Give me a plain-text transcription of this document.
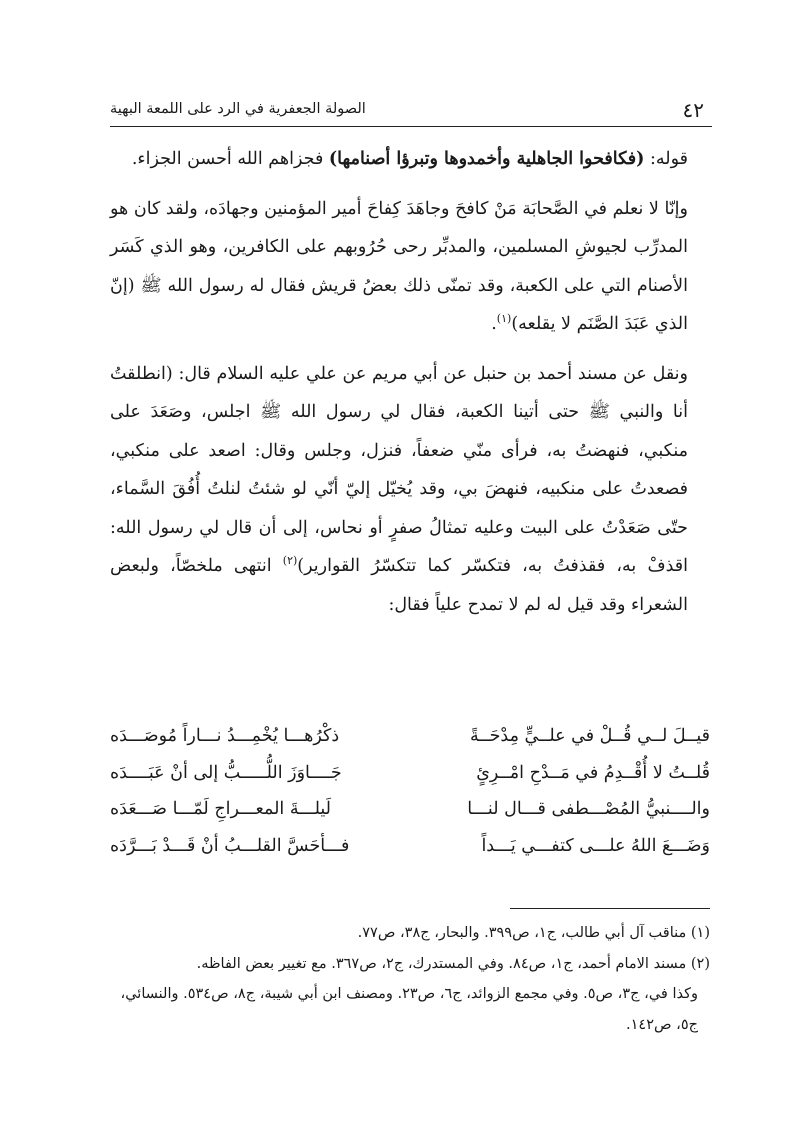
٤٢
الصولة الجعفرية في الرد على اللمعة البهية

قوله: (فكافحوا الجاهلية وأخمدوها وتبرؤا أصنامها) فجزاهم الله أحسن الجزاء.

وإنّا لا نعلم في الصَّحابَة مَنْ كافحَ وجاهَدَ كِفاحَ أمير المؤمنين وجهادَه، ولقد كان هو المدرِّب لجيوشِ المسلمين، والمدبِّر رحى حُرُوبهم على الكافرين، وهو الذي كَسَر الأصنام التي على الكعبة، وقد تمنّى ذلك بعضُ قريش فقال له رسول الله ﷺ (إنّ الذي عَبَدَ الصَّنَم لا يقلعه)$^{(١)}$.

ونقل عن مسند أحمد بن حنبل عن أبي مريم عن علي عليه السلام قال: (انطلقتُ أنا والنبي ﷺ حتى أتينا الكعبة، فقال لي رسول الله ﷺ اجلس، وصَعَدَ على منكبي، فنهضتُ به، فرأى منّي ضعفاً، فنزل، وجلس وقال: اصعد على منكبي، فصعدتُ على منكبيه، فنهضَ بي، وقد يُخيّل إليّ أنّي لو شئتُ لنلتُ أُفُقَ السَّماء، حتّى صَعَدْتُ على البيت وعليه تمثالُ صفرٍ أو نحاس، إلى أن قال لي رسول الله: اقذفْ به، فقذفتُ به، فتكسّر كما تتكسّرُ القوارير)$^{(٢)}$ انتهى ملخصّاً، ولبعض الشعراء وقد قيل له لم لا تمدح علياً فقال:

قيــلَ لــي قُــلْ في علــيٍّ مِدْحَــةً
ذكْرُهـــا يُخْمِـــدُ نـــاراً مُوصَـــدَه
قُلــتُ لا أُقْــدِمُ في مَــدْحِ امْــرِئٍ
جَــــاوَزَ اللُّـــــبُّ إلى أنْ عَبَــــدَه
والــــنبيُّ المُصْـــطفى قـــال لنـــا
لَيلـــةَ المعـــراجِ لَمّـــا صَـــعَدَه
وَضَـــعَ اللهُ علـــى كتفـــي يَـــداً
فـــأحَسَّ القلـــبُ أنْ قَـــدْ بَـــرَّدَه

(١) مناقب آل أبي طالب، ج١، ص٣٩٩. والبحار، ج٣٨، ص٧٧.

(٢) مسند الامام أحمد، ج١، ص٨٤. وفي المستدرك، ج٢، ص٣٦٧. مع تغيير بعض الفاظه.

وكذا في، ج٣، ص٥. وفي مجمع الزوائد، ج٦، ص٢٣. ومصنف ابن أبي شيبة، ج٨، ص٥٣٤. والنسائي، ج٥، ص١٤٢.
